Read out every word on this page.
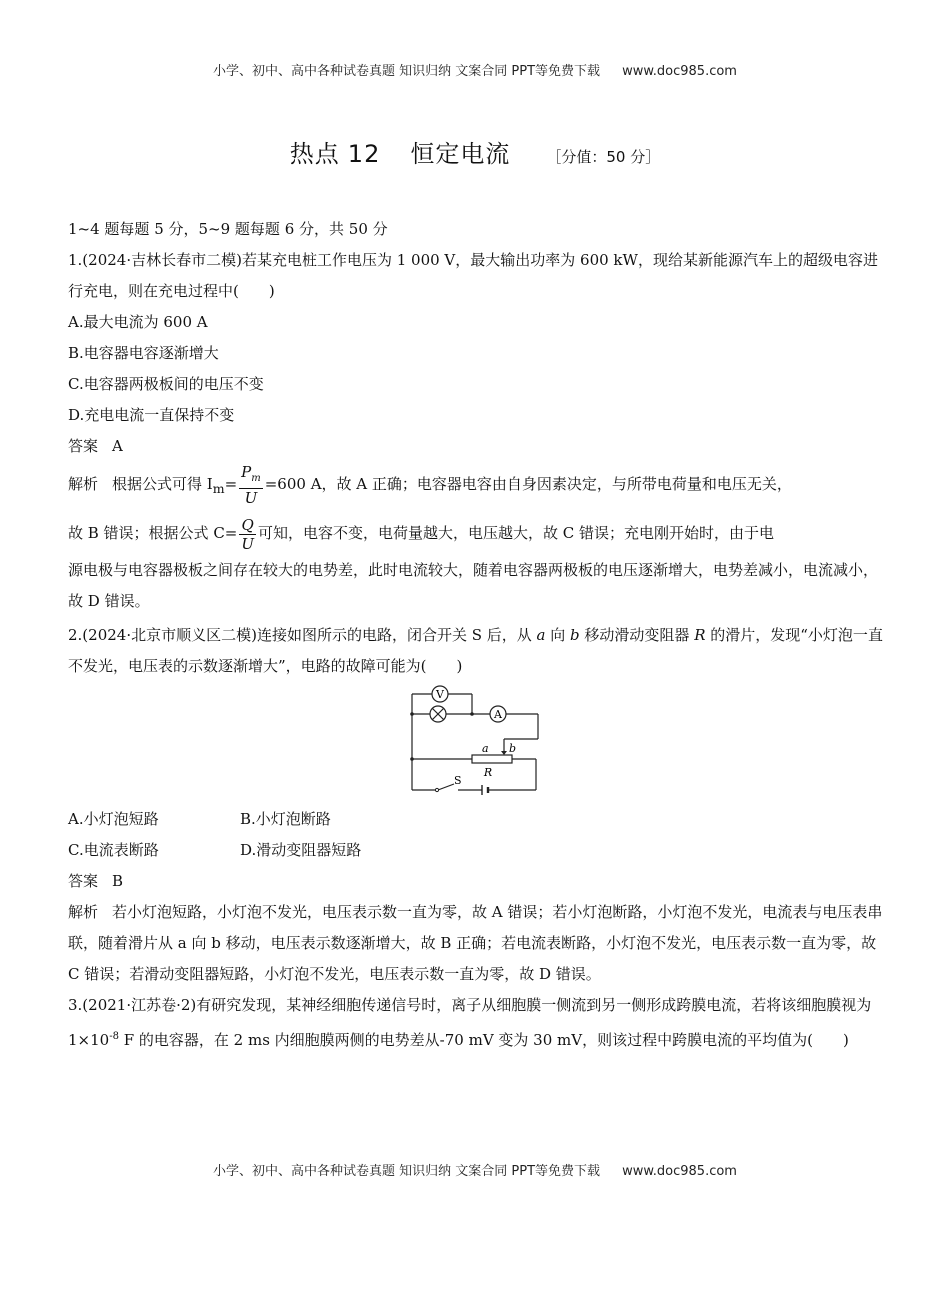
小学、初中、高中各种试卷真题 知识归纳 文案合同 PPT等免费下载 www.doc985.com
热点 12 恒定电流 ［分值：50 分］

1~4 题每题 5 分，5~9 题每题 6 分，共 50 分

1.(2024·吉林长春市二模)若某充电桩工作电压为 1 000 V，最大输出功率为 600 kW，现给某新能源汽车上的超级电容进行充电，则在充电过程中(　　)

A.最大电流为 600 A

B.电容器电容逐渐增大

C.电容器两极板间的电压不变

D.充电电流一直保持不变

答案 A

解析 根据公式可得 $I_m= \frac{P_m}{U} =600$ A，故 A 正确；电容器电容由自身因素决定，与所带电荷量和电压无关，

故 B 错误；根据公式 $C= \frac{Q}{U}$ 可知，电容不变，电荷量越大，电压越大，故 C 错误；充电刚开始时，由于电

源电极与电容器极板之间存在较大的电势差，此时电流较大，随着电容器两极板的电压逐渐增大，电势差减小，电流减小，故 D 错误。

2.(2024·北京市顺义区二模)连接如图所示的电路，闭合开关 S 后，从 a 向 b 移动滑动变阻器 R 的滑片，发现“小灯泡一直不发光，电压表的示数逐渐增大”，电路的故障可能为(　　)

V
A
a b
R
S

A.小灯泡短路	B.小灯泡断路

C.电流表断路	D.滑动变阻器短路

答案 B

解析 若小灯泡短路，小灯泡不发光，电压表示数一直为零，故 A 错误；若小灯泡断路，小灯泡不发光，电流表与电压表串联，随着滑片从 a 向 b 移动，电压表示数逐渐增大，故 B 正确；若电流表断路，小灯泡不发光，电压表示数一直为零，故 C 错误；若滑动变阻器短路，小灯泡不发光，电压表示数一直为零，故 D 错误。

3.(2021·江苏卷·2)有研究发现，某神经细胞传递信号时，离子从细胞膜一侧流到另一侧形成跨膜电流，若将该细胞膜视为 $1\times 10^{-8}$ F 的电容器，在 2 ms 内细胞膜两侧的电势差从-70 mV 变为 30 mV，则该过程中跨膜电流的平均值为(　　)

小学、初中、高中各种试卷真题 知识归纳 文案合同 PPT等免费下载 www.doc985.com
